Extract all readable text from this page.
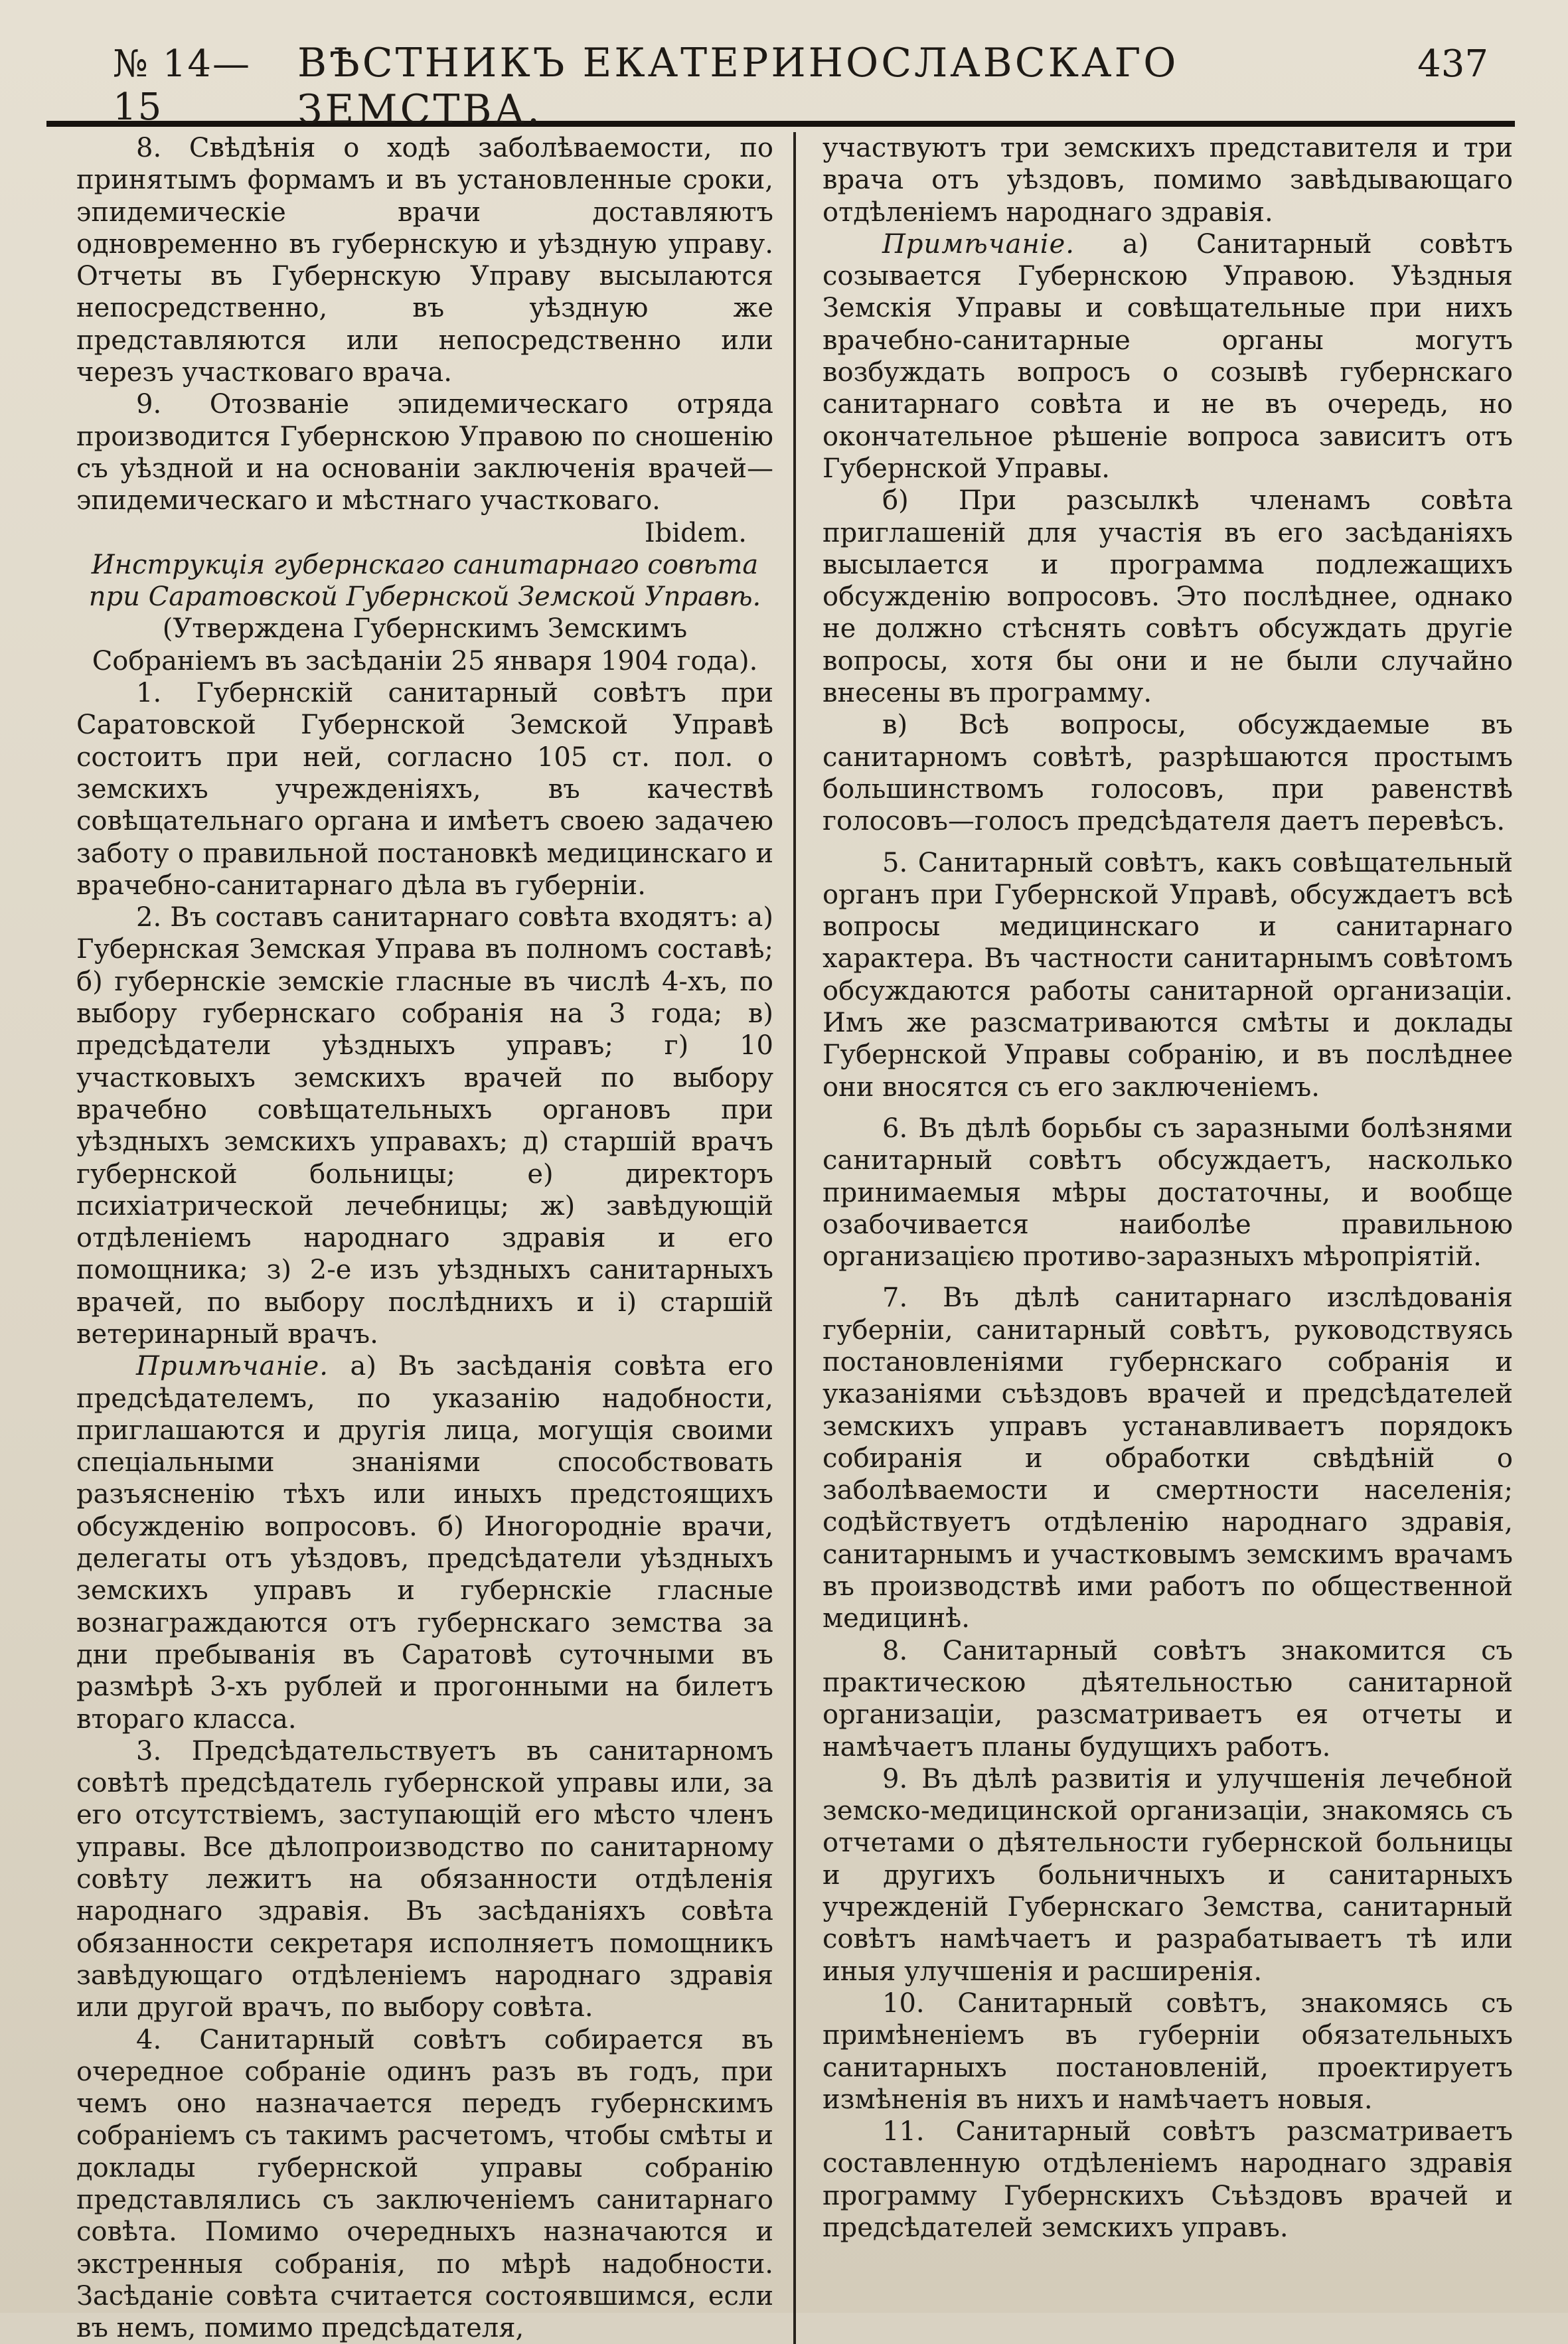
№ 14—15
ВѢСТНИКЪ ЕКАТЕРИНОСЛАВСКАГО ЗЕМСТВА.
437

8. Свѣдѣнія о ходѣ заболѣваемости, по принятымъ формамъ и въ установленные сроки, эпидемическіе врачи доставляютъ одновременно въ губернскую и уѣздную управу. Отчеты въ Губернскую Управу высылаются непосредственно, въ уѣздную же представляются или непосредственно или черезъ участковаго врача.

9. Отозваніе эпидемическаго отряда производится Губернскою Управою по сношенію съ уѣздной и на основаніи заключенія врачей—эпидемическаго и мѣстнаго участковаго.

Ibidem.

Инструкція губернскаго санитарнаго совѣта при Саратовской Губернской Земской Управѣ.

(Утверждена Губернскимъ Земскимъ Собраніемъ въ засѣданіи 25 января 1904 года).

1. Губернскій санитарный совѣтъ при Саратовской Губернской Земской Управѣ состоитъ при ней, согласно 105 ст. пол. о земскихъ учрежденіяхъ, въ качествѣ совѣщательнаго органа и имѣетъ своею задачею заботу о правильной постановкѣ медицинскаго и врачебно-санитарнаго дѣла въ губерніи.

2. Въ составъ санитарнаго совѣта входятъ: а) Губернская Земская Управа въ полномъ составѣ; б) губернскіе земскіе гласные въ числѣ 4-хъ, по выбору губернскаго собранія на 3 года; в) предсѣдатели уѣздныхъ управъ; г) 10 участковыхъ земскихъ врачей по выбору врачебно совѣщательныхъ органовъ при уѣздныхъ земскихъ управахъ; д) старшій врачъ губернской больницы; е) директоръ психіатрической лечебницы; ж) завѣдующій отдѣленіемъ народнаго здравія и его помощника; з) 2-е изъ уѣздныхъ санитарныхъ врачей, по выбору послѣднихъ и і) старшій ветеринарный врачъ.

Примѣчаніе. а) Въ засѣданія совѣта его предсѣдателемъ, по указанію надобности, приглашаются и другія лица, могущія своими спеціальными знаніями способствовать разъясненію тѣхъ или иныхъ предстоящихъ обсужденію вопросовъ. б) Иногородніе врачи, делегаты отъ уѣздовъ, предсѣдатели уѣздныхъ земскихъ управъ и губернскіе гласные вознаграждаются отъ губернскаго земства за дни пребыванія въ Саратовѣ суточными въ размѣрѣ 3-хъ рублей и прогонными на билетъ втораго класса.

3. Предсѣдательствуетъ въ санитарномъ совѣтѣ предсѣдатель губернской управы или, за его отсутствіемъ, заступающій его мѣсто членъ управы. Все дѣлопроизводство по санитарному совѣту лежитъ на обязанности отдѣленія народнаго здравія. Въ засѣданіяхъ совѣта обязанности секретаря исполняетъ помощникъ завѣдующаго отдѣленіемъ народнаго здравія или другой врачъ, по выбору совѣта.

4. Санитарный совѣтъ собирается въ очередное собраніе одинъ разъ въ годъ, при чемъ оно назначается передъ губернскимъ собраніемъ съ такимъ расчетомъ, чтобы смѣты и доклады губернской управы собранію представлялись съ заключеніемъ санитарнаго совѣта. Помимо очередныхъ назначаются и экстренныя собранія, по мѣрѣ надобности. Засѣданіе совѣта считается состоявшимся, если въ немъ, помимо предсѣдателя,

участвуютъ три земскихъ представителя и три врача отъ уѣздовъ, помимо завѣдывающаго отдѣленіемъ народнаго здравія.

Примѣчаніе. а) Санитарный совѣтъ созывается Губернскою Управою. Уѣздныя Земскія Управы и совѣщательные при нихъ врачебно-санитарные органы могутъ возбуждать вопросъ о созывѣ губернскаго санитарнаго совѣта и не въ очередь, но окончательное рѣшеніе вопроса зависитъ отъ Губернской Управы.

б) При разсылкѣ членамъ совѣта приглашеній для участія въ его засѣданіяхъ высылается и программа подлежащихъ обсужденію вопросовъ. Это послѣднее, однако не должно стѣснять совѣтъ обсуждать другіе вопросы, хотя бы они и не были случайно внесены въ программу.

в) Всѣ вопросы, обсуждаемые въ санитарномъ совѣтѣ, разрѣшаются простымъ большинствомъ голосовъ, при равенствѣ голосовъ—голосъ предсѣдателя даетъ перевѣсъ.

5. Санитарный совѣтъ, какъ совѣщательный органъ при Губернской Управѣ, обсуждаетъ всѣ вопросы медицинскаго и санитарнаго характера. Въ частности санитарнымъ совѣтомъ обсуждаются работы санитарной организаціи. Имъ же разсматриваются смѣты и доклады Губернской Управы собранію, и въ послѣднее они вносятся съ его заключеніемъ.

6. Въ дѣлѣ борьбы съ заразными болѣзнями санитарный совѣтъ обсуждаетъ, насколько принимаемыя мѣры достаточны, и вообще озабочивается наиболѣе правильною организацією противо-заразныхъ мѣропріятій.

7. Въ дѣлѣ санитарнаго изслѣдованія губерніи, санитарный совѣтъ, руководствуясь постановленіями губернскаго собранія и указаніями съѣздовъ врачей и предсѣдателей земскихъ управъ устанавливаетъ порядокъ собиранія и обработки свѣдѣній о заболѣваемости и смертности населенія; содѣйствуетъ отдѣленію народнаго здравія, санитарнымъ и участковымъ земскимъ врачамъ въ производствѣ ими работъ по общественной медицинѣ.

8. Санитарный совѣтъ знакомится съ практическою дѣятельностью санитарной организаціи, разсматриваетъ ея отчеты и намѣчаетъ планы будущихъ работъ.

9. Въ дѣлѣ развитія и улучшенія лечебной земско-медицинской организаціи, знакомясь съ отчетами о дѣятельности губернской больницы и другихъ больничныхъ и санитарныхъ учрежденій Губернскаго Земства, санитарный совѣтъ намѣчаетъ и разрабатываетъ тѣ или иныя улучшенія и расширенія.

10. Санитарный совѣтъ, знакомясь съ примѣненіемъ въ губерніи обязательныхъ санитарныхъ постановленій, проектируетъ измѣненія въ нихъ и намѣчаетъ новыя.

11. Санитарный совѣтъ разсматриваетъ составленную отдѣленіемъ народнаго здравія программу Губернскихъ Съѣздовъ врачей и предсѣдателей земскихъ управъ.
